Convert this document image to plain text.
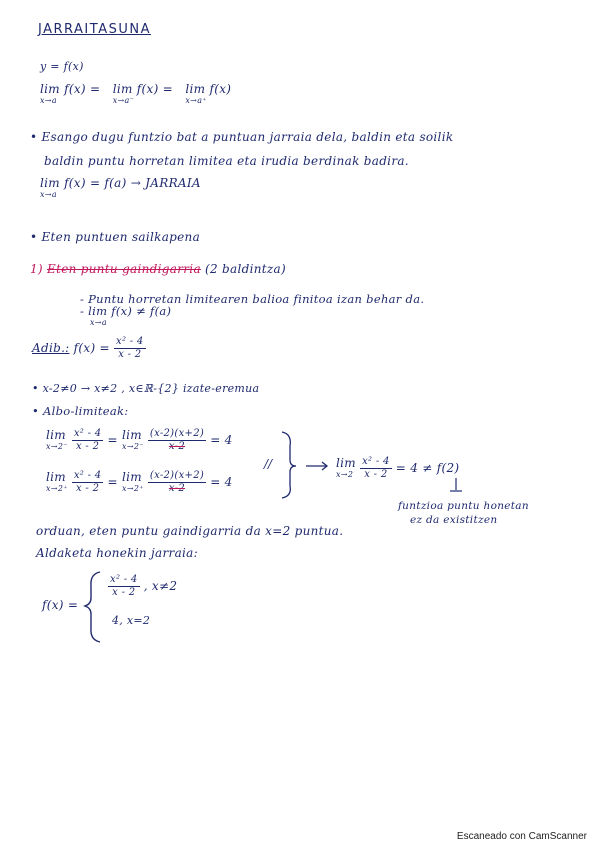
JARRAITASUNA
y = f(x)
lim f(x) =
x→a

lim f(x) =
x→a⁻

lim f(x)
x→a⁺
• Esango dugu funtzio bat a puntuan jarraia dela, baldin eta soilik
baldin puntu horretan limitea eta irudia berdinak badira.
lim f(x) = f(a) → JARRAIA
x→a
• Eten puntuen sailkapena
1) Eten puntu gaindigarria (2 baldintza)
- Puntu horretan limitearen balioa finitoa izan behar da.
- lim f(x) ≠ f(a)
x→a
Adib.: $f(x) = \frac{\text{x² - 4}}{x - 2}$
• x-2≠0 → x≠2 , x∈ℝ-{2} izate-eremua
• Albo-limiteak:
lim
x→2⁻
$\frac{\text{x² - 4}}{x - 2} = \lim$
x→2⁻
$\frac{(x-2)(x+2)}{x-2} = 4$
lim
x→2⁺
$\frac{\text{x² - 4}}{x - 2} = \lim$
x→2⁺
$\frac{(x-2)(x+2)}{x-2} = 4$
//	lim
x→2
$\frac{\text{x² - 4}}{x - 2} = 4 \ne f(2)$
funtzioa puntu honetan
ez da existitzen
orduan, eten puntu gaindigarria da x=2 puntua.
Aldaketa honekin jarraia:
f(x) =
$\frac{\text{x² - 4}}{x - 2}$ , x≠2
4, x=2
Escaneado con CamScanner
